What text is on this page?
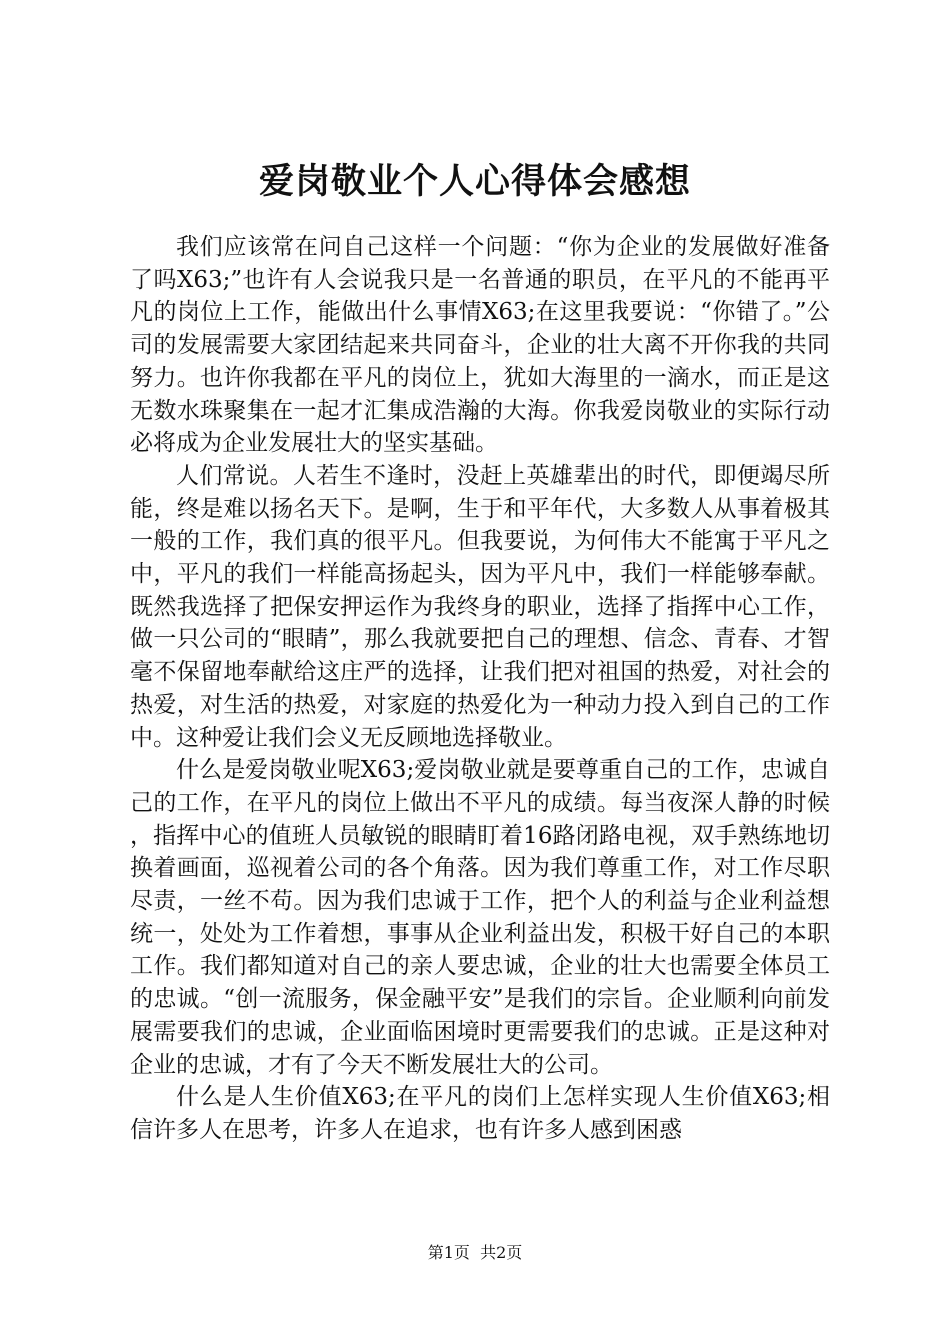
爱岗敬业个人心得体会感想

我们应该常在问自己这样一个问题：“你为企业的发展做好准备了吗X63;”也许有人会说我只是一名普通的职员，在平凡的不能再平凡的岗位上工作，能做出什么事情X63;在这里我要说：“你错了。”公司的发展需要大家团结起来共同奋斗，企业的壮大离不开你我的共同努力。也许你我都在平凡的岗位上，犹如大海里的一滴水，而正是这无数水珠聚集在一起才汇集成浩瀚的大海。你我爱岗敬业的实际行动必将成为企业发展壮大的坚实基础。

人们常说。人若生不逢时，没赶上英雄辈出的时代，即便竭尽所能，终是难以扬名天下。是啊，生于和平年代，大多数人从事着极其一般的工作，我们真的很平凡。但我要说，为何伟大不能寓于平凡之中，平凡的我们一样能高扬起头，因为平凡中，我们一样能够奉献。既然我选择了把保安押运作为我终身的职业，选择了指挥中心工作，做一只公司的“眼睛”，那么我就要把自己的理想、信念、青春、才智毫不保留地奉献给这庄严的选择，让我们把对祖国的热爱，对社会的热爱，对生活的热爱，对家庭的热爱化为一种动力投入到自己的工作中。这种爱让我们会义无反顾地选择敬业。

什么是爱岗敬业呢X63;爱岗敬业就是要尊重自己的工作，忠诚自己的工作，在平凡的岗位上做出不平凡的成绩。每当夜深人静的时候，指挥中心的值班人员敏锐的眼睛盯着16路闭路电视，双手熟练地切换着画面，巡视着公司的各个角落。因为我们尊重工作，对工作尽职尽责，一丝不苟。因为我们忠诚于工作，把个人的利益与企业利益想统一，处处为工作着想，事事从企业利益出发，积极干好自己的本职工作。我们都知道对自己的亲人要忠诚，企业的壮大也需要全体员工的忠诚。“创一流服务，保金融平安”是我们的宗旨。企业顺利向前发展需要我们的忠诚，企业面临困境时更需要我们的忠诚。正是这种对企业的忠诚，才有了今天不断发展壮大的公司。

什么是人生价值X63;在平凡的岗们上怎样实现人生价值X63;相信许多人在思考，许多人在追求，也有许多人感到困惑

第1页 共2页
